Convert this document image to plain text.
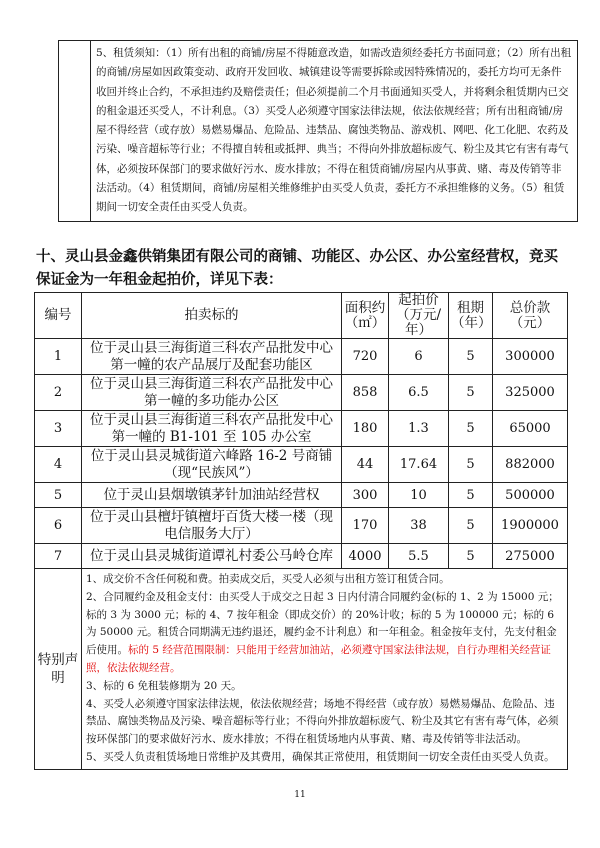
	5、租赁须知：（1）所有出租的商铺/房屋不得随意改造，如需改造须经委托方书面同意；（2）所有出租的商铺/房屋如因政策变动、政府开发回收、城镇建设等需要拆除或因特殊情况的，委托方均可无条件收回并终止合约，不承担违约及赔偿责任；但必须提前二个月书面通知买受人，并将剩余租赁期内已交的租金退还买受人，不计利息。（3）买受人必须遵守国家法律法规，依法依规经营；所有出租商铺/房屋不得经营（或存放）易燃易爆品、危险品、违禁品、腐蚀类物品、游戏机、网吧、化工化肥、农药及污染、噪音超标等行业；不得擅自转租或抵押、典当；不得向外排放超标废气、粉尘及其它有害有毒气体，必须按环保部门的要求做好污水、废水排放；不得在租赁商铺/房屋内从事黄、赌、毒及传销等非法活动。（4）租赁期间，商铺/房屋相关维修维护由买受人负责，委托方不承担维修的义务。（5）租赁期间一切安全责任由买受人负责。

十、灵山县金鑫供销集团有限公司的商铺、功能区、办公区、办公室经营权，竞买保证金为一年租金起拍价，详见下表：

编号	拍卖标的	面积约（㎡）	起拍价（万元/年）	租期（年）	总价款（元）
1	位于灵山县三海街道三科农产品批发中心第一幢的农产品展厅及配套功能区	720	6	5	300000
2	位于灵山县三海街道三科农产品批发中心第一幢的多功能办公区	858	6.5	5	325000
3	位于灵山县三海街道三科农产品批发中心第一幢的 B1-101 至 105 办公室	180	1.3	5	65000
4	位于灵山县灵城街道六峰路 16-2 号商铺（现“民族风”）	44	17.64	5	882000
5	位于灵山县烟墩镇茅针加油站经营权	300	10	5	500000
6	位于灵山县檀圩镇檀圩百货大楼一楼（现电信服务大厅）	170	38	5	1900000
7	位于灵山县灵城街道谭礼村委公马岭仓库	4000	5.5	5	275000
特别声明	1、成交价不含任何税和费。拍卖成交后，买受人必须与出租方签订租赁合同。

2、合同履约金及租金支付：由买受人于成交之日起 3 日内付清合同履约金(标的 1、2 为 15000 元；标的 3 为 3000 元；标的 4、7 按年租金（即成交价）的 20%计收；标的 5 为 100000 元；标的 6 为 50000 元。租赁合同期满无违约退还，履约金不计利息）和一年租金。租金按年支付，先支付租金后使用。标的 5 经营范围限制：只能用于经营加油站，必须遵守国家法律法规，自行办理相关经营证照，依法依规经营。

3、标的 6 免租装修期为 20 天。

4、买受人必须遵守国家法律法规，依法依规经营；场地不得经营（或存放）易燃易爆品、危险品、违禁品、腐蚀类物品及污染、噪音超标等行业；不得向外排放超标废气、粉尘及其它有害有毒气体，必须按环保部门的要求做好污水、废水排放；不得在租赁场地内从事黄、赌、毒及传销等非法活动。

5、买受人负责租赁场地日常维护及其费用，确保其正常使用，租赁期间一切安全责任由买受人负责。				

11
